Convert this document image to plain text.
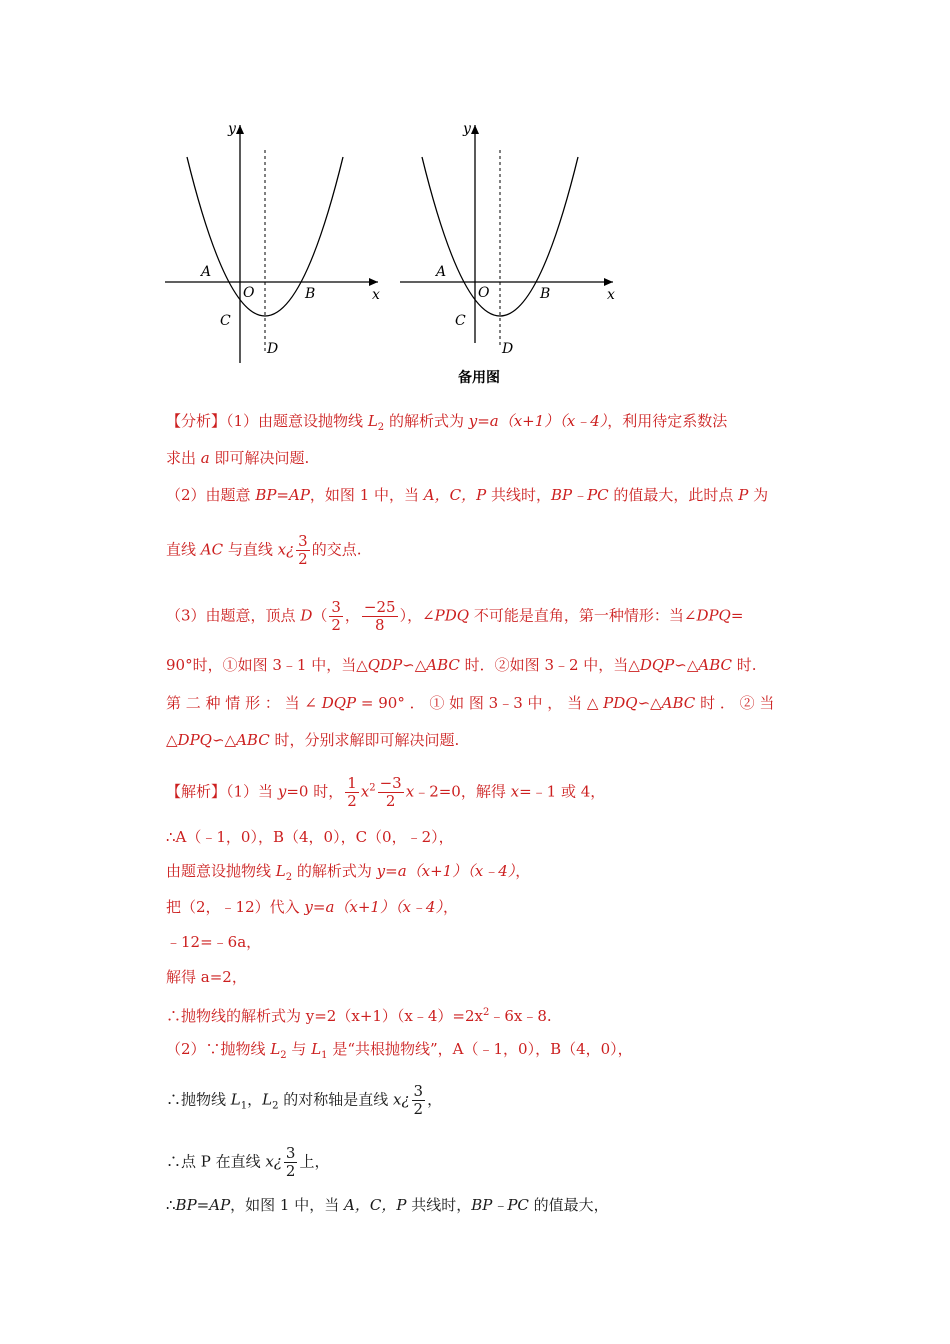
A
O	B
C
D
x
y
A
O	B
C
D
x
y
备用图
【分析】（1）由题意设抛物线 $L_2$ 的解析式为 y=a（x+1）（x﹣4），利用待定系数法
求出 a 即可解决问题.
（2）由题意 BP=AP，如图 1 中，当 A，C，P 共线时，BP﹣PC 的值最大，此时点 P 为
直线 AC 与直线 x¿ $\frac{3}{2}$ 的交点.
（3）由题意，顶点 $D( \frac{3}{2}$ ， $\frac{-25}{8}$ ），∠PDQ 不可能是直角，第一种情形：当∠DPQ=
90°时，①如图 3﹣1 中，当△QDP∽△ABC 时．②如图 3﹣2 中，当△DQP∽△ABC 时.
第 二 种 情 形 ： 当 ∠ DQP = 90° ． ① 如 图 3﹣3 中 ， 当 △ PDQ∽△ABC 时 ． ② 当
△DPQ∽△ABC 时，分别求解即可解决问题.
【解析】（1）当 y=0 时， $\frac{1}{2} x^2 \frac{-3}{2}$ x﹣2=0，解得 x=﹣1 或 4，
∴A（﹣1，0），B（4，0），C（0，﹣2），
由题意设抛物线 $L_2$ 的解析式为 y=a（x+1）（x﹣4），
把（2，﹣12）代入 y=a（x+1）（x﹣4），
﹣12=﹣6a，
解得 a=2，
∴抛物线的解析式为 $y=2(x+1)(x﹣4)=2x^2﹣6x﹣8$.
（2）∵抛物线 $L_2$ 与 $L_1$ 是“共根抛物线”，A（﹣1，0），B（4，0），
∴抛物线 $L_1$，$L_2$ 的对称轴是直线 x¿ $\frac{3}{2}$ ，
∴点 P 在直线 x¿ $\frac{3}{2}$ 上，
∴BP=AP，如图 1 中，当 A，C，P 共线时，BP﹣PC 的值最大，
